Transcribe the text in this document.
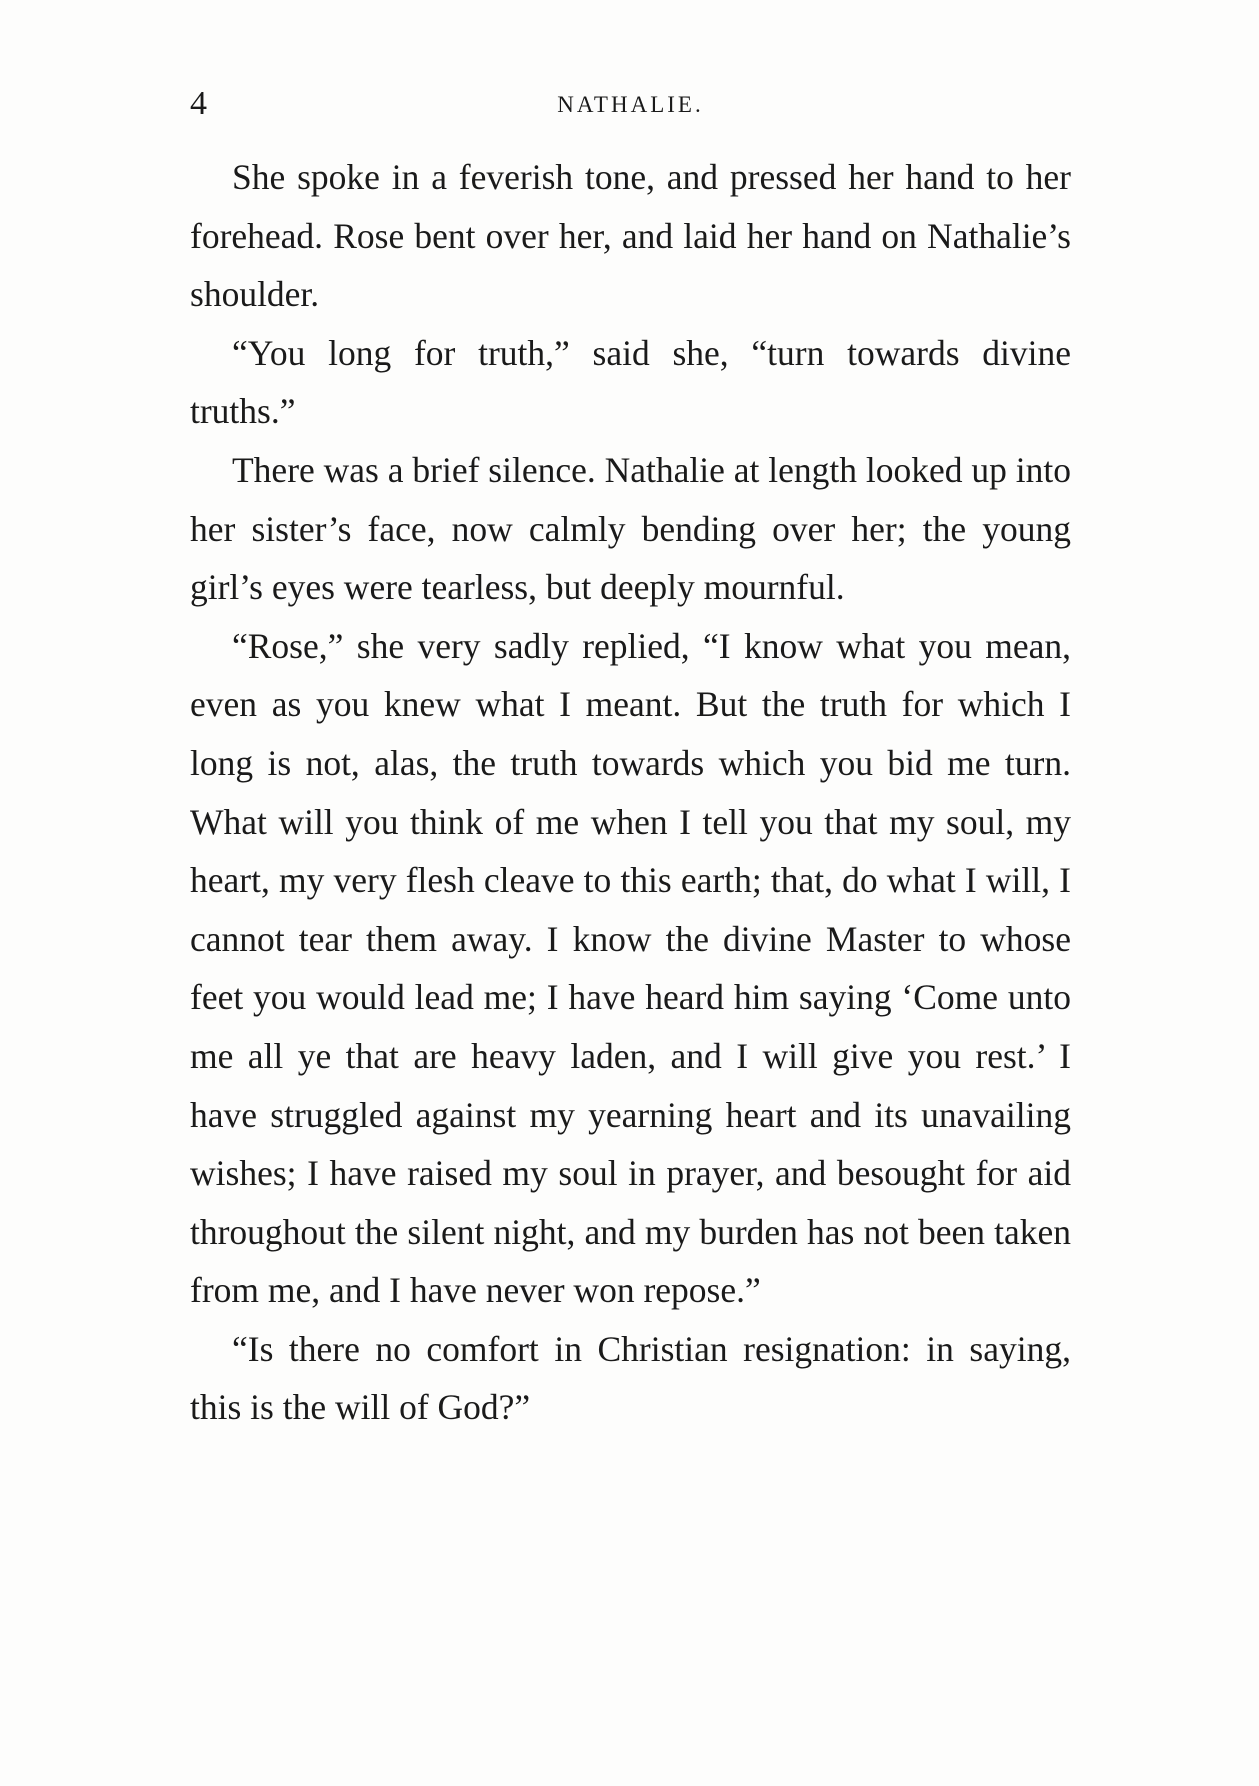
4	NATHALIE.

She spoke in a feverish tone, and pressed her hand to her forehead. Rose bent over her, and laid her hand on Nathalie’s shoulder.

“You long for truth,” said she, “turn towards divine truths.”

There was a brief silence. Nathalie at length looked up into her sister’s face, now calmly bending over her; the young girl’s eyes were tearless, but deeply mournful.

“Rose,” she very sadly replied, “I know what you mean, even as you knew what I meant. But the truth for which I long is not, alas, the truth towards which you bid me turn. What will you think of me when I tell you that my soul, my heart, my very flesh cleave to this earth; that, do what I will, I cannot tear them away. I know the divine Master to whose feet you would lead me; I have heard him saying ‘Come unto me all ye that are heavy laden, and I will give you rest.’ I have struggled against my yearning heart and its unavailing wishes; I have raised my soul in prayer, and besought for aid throughout the silent night, and my burden has not been taken from me, and I have never won repose.”

“Is there no comfort in Christian resignation: in saying, this is the will of God?”
